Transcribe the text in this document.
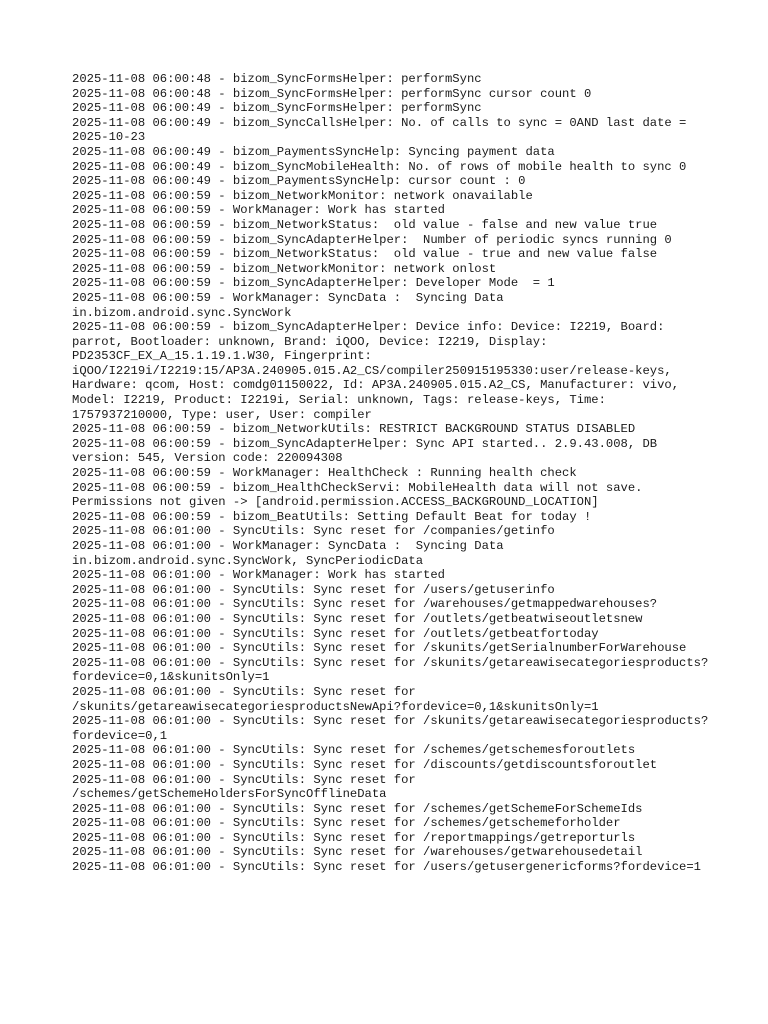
2025-11-08 06:00:48 - bizom_SyncFormsHelper: performSync

2025-11-08 06:00:48 - bizom_SyncFormsHelper: performSync cursor count 0

2025-11-08 06:00:49 - bizom_SyncFormsHelper: performSync

2025-11-08 06:00:49 - bizom_SyncCallsHelper: No. of calls to sync = 0AND last date = 2025-10-23

2025-11-08 06:00:49 - bizom_PaymentsSyncHelp: Syncing payment data

2025-11-08 06:00:49 - bizom_SyncMobileHealth: No. of rows of mobile health to sync 0

2025-11-08 06:00:49 - bizom_PaymentsSyncHelp: cursor count : 0

2025-11-08 06:00:59 - bizom_NetworkMonitor: network onavailable

2025-11-08 06:00:59 - WorkManager: Work has started

2025-11-08 06:00:59 - bizom_NetworkStatus:  old value - false and new value true

2025-11-08 06:00:59 - bizom_SyncAdapterHelper:  Number of periodic syncs running 0

2025-11-08 06:00:59 - bizom_NetworkStatus:  old value - true and new value false

2025-11-08 06:00:59 - bizom_NetworkMonitor: network onlost

2025-11-08 06:00:59 - bizom_SyncAdapterHelper: Developer Mode  = 1

2025-11-08 06:00:59 - WorkManager: SyncData :  Syncing Data in.bizom.android.sync.SyncWork

2025-11-08 06:00:59 - bizom_SyncAdapterHelper: Device info: Device: I2219, Board: parrot, Bootloader: unknown, Brand: iQOO, Device: I2219, Display: PD2353CF_EX_A_15.1.19.1.W30, Fingerprint: iQOO/I2219i/I2219:15/AP3A.240905.015.A2_CS/compiler250915195330:user/release-keys, Hardware: qcom, Host: comdg01150022, Id: AP3A.240905.015.A2_CS, Manufacturer: vivo, Model: I2219, Product: I2219i, Serial: unknown, Tags: release-keys, Time: 1757937210000, Type: user, User: compiler

2025-11-08 06:00:59 - bizom_NetworkUtils: RESTRICT BACKGROUND STATUS DISABLED

2025-11-08 06:00:59 - bizom_SyncAdapterHelper: Sync API started.. 2.9.43.008, DB version: 545, Version code: 220094308

2025-11-08 06:00:59 - WorkManager: HealthCheck : Running health check

2025-11-08 06:00:59 - bizom_HealthCheckServi: MobileHealth data will not save. Permissions not given -> [android.permission.ACCESS_BACKGROUND_LOCATION]

2025-11-08 06:00:59 - bizom_BeatUtils: Setting Default Beat for today !

2025-11-08 06:01:00 - SyncUtils: Sync reset for /companies/getinfo

2025-11-08 06:01:00 - WorkManager: SyncData :  Syncing Data in.bizom.android.sync.SyncWork, SyncPeriodicData

2025-11-08 06:01:00 - WorkManager: Work has started

2025-11-08 06:01:00 - SyncUtils: Sync reset for /users/getuserinfo

2025-11-08 06:01:00 - SyncUtils: Sync reset for /warehouses/getmappedwarehouses?

2025-11-08 06:01:00 - SyncUtils: Sync reset for /outlets/getbeatwiseoutletsnew

2025-11-08 06:01:00 - SyncUtils: Sync reset for /outlets/getbeatfortoday

2025-11-08 06:01:00 - SyncUtils: Sync reset for /skunits/getSerialnumberForWarehouse

2025-11-08 06:01:00 - SyncUtils: Sync reset for /skunits/getareawisecategoriesproducts?fordevice=0,1&skunitsOnly=1

2025-11-08 06:01:00 - SyncUtils: Sync reset for /skunits/getareawisecategoriesproductsNewApi?fordevice=0,1&skunitsOnly=1

2025-11-08 06:01:00 - SyncUtils: Sync reset for /skunits/getareawisecategoriesproducts?fordevice=0,1

2025-11-08 06:01:00 - SyncUtils: Sync reset for /schemes/getschemesforoutlets

2025-11-08 06:01:00 - SyncUtils: Sync reset for /discounts/getdiscountsforoutlet

2025-11-08 06:01:00 - SyncUtils: Sync reset for /schemes/getSchemeHoldersForSyncOfflineData

2025-11-08 06:01:00 - SyncUtils: Sync reset for /schemes/getSchemeForSchemeIds

2025-11-08 06:01:00 - SyncUtils: Sync reset for /schemes/getschemeforholder

2025-11-08 06:01:00 - SyncUtils: Sync reset for /reportmappings/getreporturls

2025-11-08 06:01:00 - SyncUtils: Sync reset for /warehouses/getwarehousedetail

2025-11-08 06:01:00 - SyncUtils: Sync reset for /users/getusergenericforms?fordevice=1
